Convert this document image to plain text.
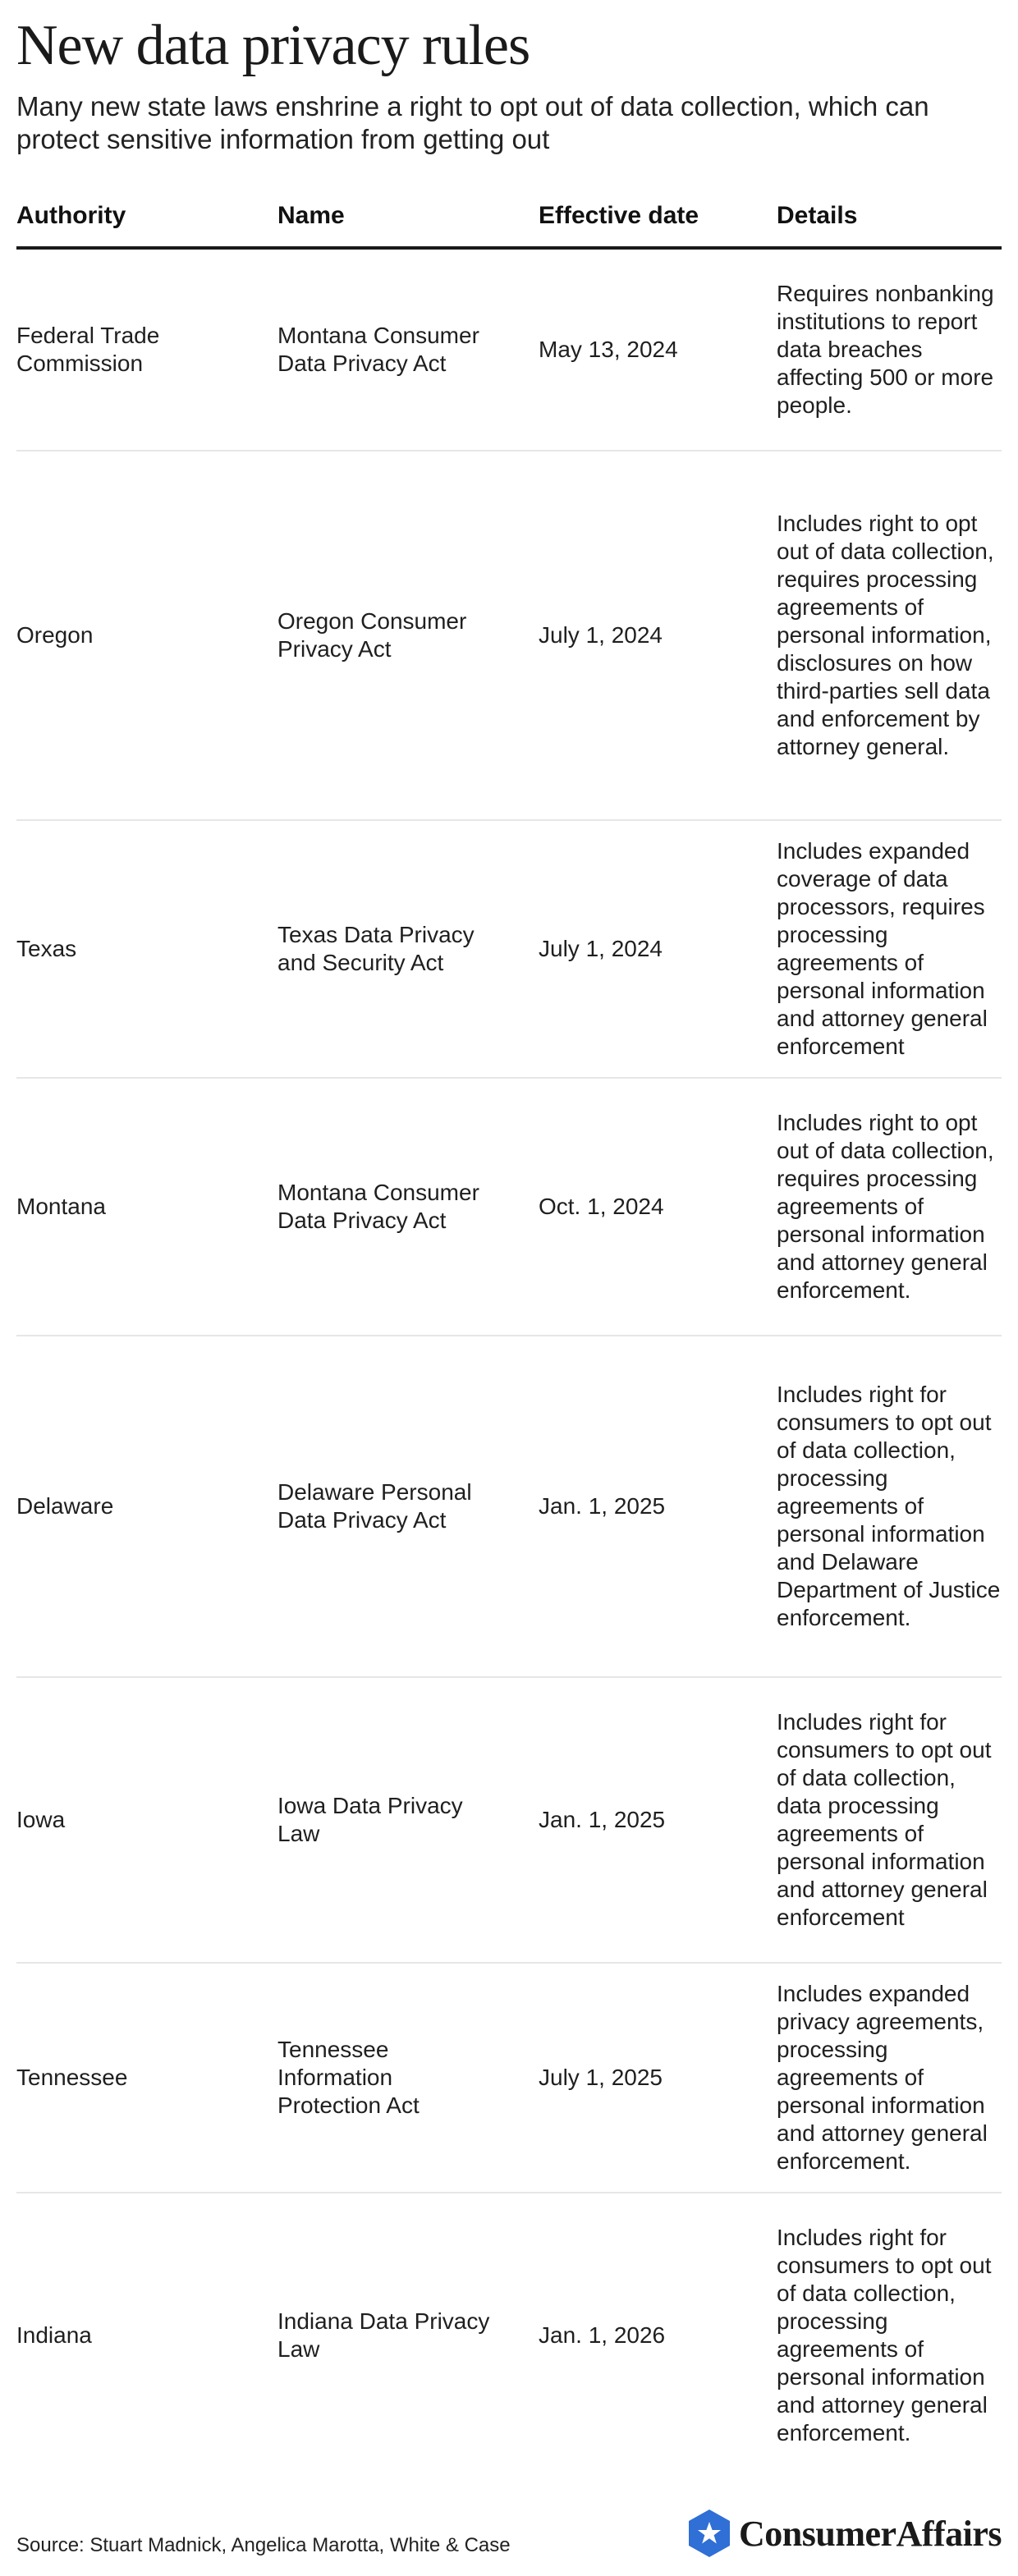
New data privacy rules

Many new state laws enshrine a right to opt out of data collection, which can protect sensitive information from getting out

Authority	Name	Effective date	Details
Federal Trade Commission	Montana Consumer Data Privacy Act	May 13, 2024	Requires nonbanking institutions to report data breaches affecting 500 or more people.
Oregon	Oregon Consumer Privacy Act	July 1, 2024	Includes right to opt out of data collection, requires processing agreements of personal information, disclosures on how third-parties sell data and enforcement by attorney general.
Texas	Texas Data Privacy and Security Act	July 1, 2024	Includes expanded coverage of data processors, requires processing agreements of personal information and attorney general enforcement
Montana	Montana Consumer Data Privacy Act	Oct. 1, 2024	Includes right to opt out of data collection, requires processing agreements of personal information and attorney general enforcement.
Delaware	Delaware Personal Data Privacy Act	Jan. 1, 2025	Includes right for consumers to opt out of data collection, processing agreements of personal information and Delaware Department of Justice enforcement.
Iowa	Iowa Data Privacy Law	Jan. 1, 2025	Includes right for consumers to opt out of data collection, data processing agreements of personal information and attorney general enforcement
Tennessee	Tennessee Information Protection Act	July 1, 2025	Includes expanded privacy agreements, processing agreements of personal information and attorney general enforcement.
Indiana	Indiana Data Privacy Law	Jan. 1, 2026	Includes right for consumers to opt out of data collection, processing agreements of personal information and attorney general enforcement.

Source: Stuart Madnick, Angelica Marotta, White & Case	ConsumerAffairs
